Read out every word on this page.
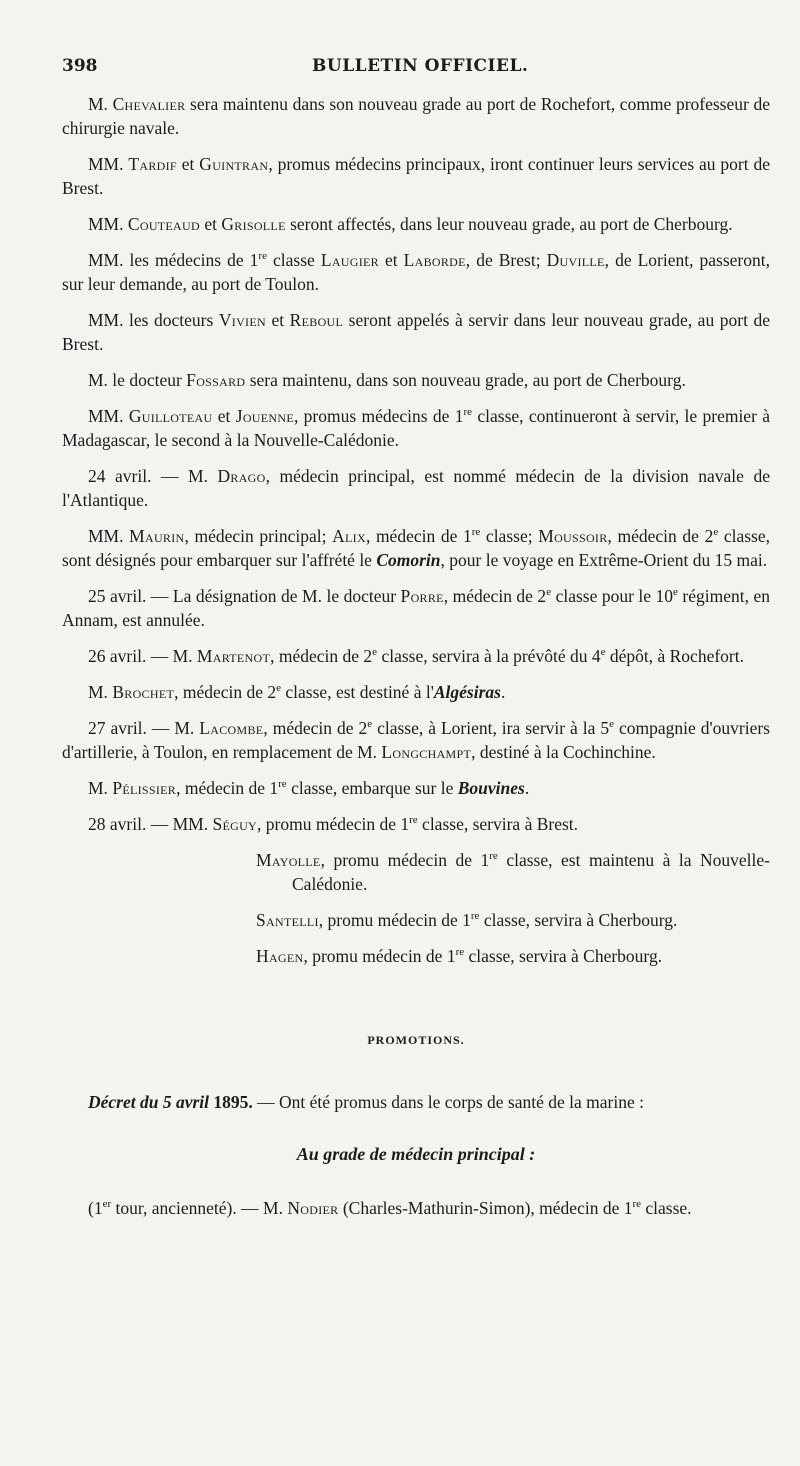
398	BULLETIN OFFICIEL.

M. Chevalier sera maintenu dans son nouveau grade au port de Rochefort, comme professeur de chirurgie navale.

MM. Tardif et Guintran, promus médecins principaux, iront continuer leurs services au port de Brest.

MM. Couteaud et Grisolle seront affectés, dans leur nouveau grade, au port de Cherbourg.

MM. les médecins de 1re classe Laugier et Laborde, de Brest; Duville, de Lorient, passeront, sur leur demande, au port de Toulon.

MM. les docteurs Vivien et Reboul seront appelés à servir dans leur nouveau grade, au port de Brest.

M. le docteur Fossard sera maintenu, dans son nouveau grade, au port de Cherbourg.

MM. Guilloteau et Jouenne, promus médecins de 1re classe, continueront à servir, le premier à Madagascar, le second à la Nouvelle-Calédonie.

24 avril. — M. Drago, médecin principal, est nommé médecin de la division navale de l'Atlantique.

MM. Maurin, médecin principal; Alix, médecin de 1re classe; Moussoir, médecin de 2e classe, sont désignés pour embarquer sur l'affrété le Comorin, pour le voyage en Extrême-Orient du 15 mai.

25 avril. — La désignation de M. le docteur Porre, médecin de 2e classe pour le 10e régiment, en Annam, est annulée.

26 avril. — M. Martenot, médecin de 2e classe, servira à la prévôté du 4e dépôt, à Rochefort.

M. Brochet, médecin de 2e classe, est destiné à l'Algésiras.

27 avril. — M. Lacombe, médecin de 2e classe, à Lorient, ira servir à la 5e compagnie d'ouvriers d'artillerie, à Toulon, en remplacement de M. Longchampt, destiné à la Cochinchine.

M. Pélissier, médecin de 1re classe, embarque sur le Bouvines.

28 avril. — MM. Séguy, promu médecin de 1re classe, servira à Brest.

Mayolle, promu médecin de 1re classe, est maintenu à la Nouvelle-Calédonie.

Santelli, promu médecin de 1re classe, servira à Cherbourg.

Hagen, promu médecin de 1re classe, servira à Cherbourg.

PROMOTIONS.

Décret du 5 avril 1895. — Ont été promus dans le corps de santé de la marine :

Au grade de médecin principal :

(1er tour, ancienneté). — M. Nodier (Charles-Mathurin-Simon), médecin de 1re classe.
